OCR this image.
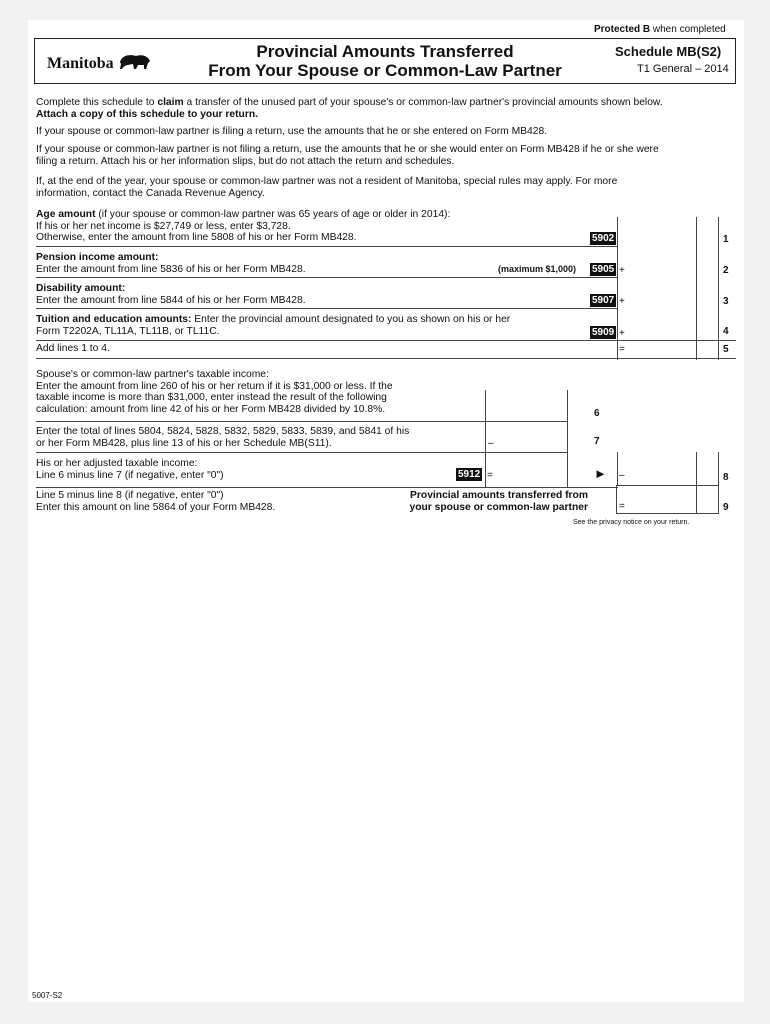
Protected B when completed
Manitoba
Provincial Amounts Transferred
From Your Spouse or Common-Law Partner
Schedule MB(S2)
T1 General – 2014
Complete this schedule to claim a transfer of the unused part of your spouse's or common-law partner's provincial amounts shown below.
Attach a copy of this schedule to your return.
If your spouse or common-law partner is filing a return, use the amounts that he or she entered on Form MB428.
If your spouse or common-law partner is not filing a return, use the amounts that he or she would enter on Form MB428 if he or she were
filing a return. Attach his or her information slips, but do not attach the return and schedules.
If, at the end of the year, your spouse or common-law partner was not a resident of Manitoba, special rules may apply. For more
information, contact the Canada Revenue Agency.
Age amount (if your spouse or common-law partner was 65 years of age or older in 2014):
If his or her net income is $27,749 or less, enter $3,728.
Otherwise, enter the amount from line 5808 of his or her Form MB428.	5902	1
Pension income amount:
Enter the amount from line 5836 of his or her Form MB428.	(maximum $1,000) 5905 +	2
Disability amount:
Enter the amount from line 5844 of his or her Form MB428.	5907 +	3
Tuition and education amounts: Enter the provincial amount designated to you as shown on his or her
Form T2202A, TL11A, TL11B, or TL11C.	5909 +	4
Add lines 1 to 4.	=	5
Spouse's or common-law partner's taxable income:
Enter the amount from line 260 of his or her return if it is $31,000 or less. If the
taxable income is more than $31,000, enter instead the result of the following
calculation: amount from line 42 of his or her Form MB428 divided by 10.8%.	6
Enter the total of lines 5804, 5824, 5828, 5832, 5829, 5833, 5839, and 5841 of his
or her Form MB428, plus line 13 of his or her Schedule MB(S11).	–	7
His or her adjusted taxable income:
Line 6 minus line 7 (if negative, enter "0")	5912 =	► –	8
Line 5 minus line 8 (if negative, enter "0")
Enter this amount on line 5864 of your Form MB428.
Provincial amounts transferred from
your spouse or common-law partner	=	9
See the privacy notice on your return.
5007-S2
